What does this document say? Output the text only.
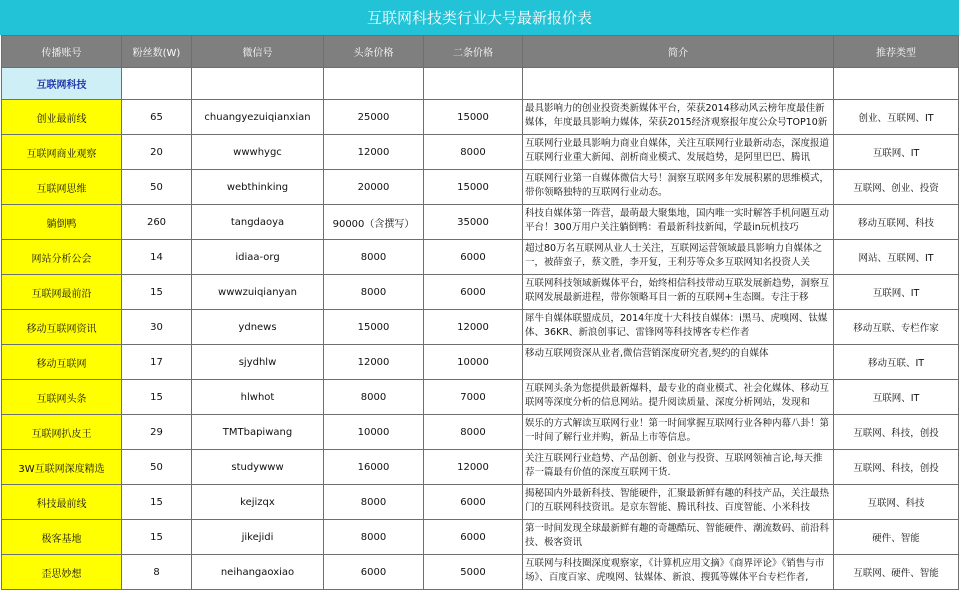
互联网科技类行业大号最新报价表
传播账号	粉丝数(W)	微信号	头条价格	二条价格	简介	推荐类型
互联网科技						
创业最前线	65	chuangyezuiqianxian	25000	15000	最具影响力的创业投资类新媒体平台，荣获2014移动风云榜年度最佳新媒体，年度最具影响力媒体，荣获2015经济观察报年度公众号TOP10新	创业、互联网、IT
互联网商业观察	20	wwwhygc	12000	8000	互联网行业最具影响力商业自媒体，关注互联网行业最新动态，深度报道互联网行业重大新闻、剖析商业模式、发展趋势，是阿里巴巴、腾讯	互联网、IT
互联网思维	50	webthinking	20000	15000	互联网行业第一自媒体微信大号！洞察互联网多年发展积累的思维模式，带你领略独特的互联网行业动态。	互联网、创业、投资
躺倒鸭	260	tangdaoya	90000（含撰写）	35000	科技自媒体第一阵营，最萌最大聚集地，国内唯一实时解答手机问题互动平台！300万用户关注躺倒鸭：看最新科技新闻，学最in玩机技巧	移动互联网、科技
网站分析公会	14	idiaa-org	8000	6000	超过80万名互联网从业人士关注，互联网运营领域最具影响力自媒体之一，被薛蛮子，蔡文胜，李开复，王利芬等众多互联网知名投资人关	网站、互联网、IT
互联网最前沿	15	wwwzuiqianyan	8000	6000	互联网科技领域新媒体平台，始终相信科技带动互联发展新趋势，洞察互联网发展最新进程，带你领略耳目一新的互联网+生态圈。专注于移	互联网、IT
移动互联网资讯	30	ydnews	15000	12000	犀牛自媒体联盟成员，2014年度十大科技自媒体：i黑马、虎嗅网、钛媒体、36KR、新浪创事记、雷锋网等科技博客专栏作者	移动互联、专栏作家
移动互联网	17	sjydhlw	12000	10000	移动互联网资深从业者,微信营销深度研究者,契约的自媒体	移动互联、IT
互联网头条	15	hlwhot	8000	7000	互联网头条为您提供最新爆料，最专业的商业模式、社会化媒体、移动互联网等深度分析的信息网站。提升阅读质量、深度分析网站，发现和	互联网、IT
互联网扒皮王	29	TMTbapiwang	10000	8000	娱乐的方式解读互联网行业！第一时间掌握互联网行业各种内幕八卦！第一时间了解行业并购，新品上市等信息。	互联网、科技，创投
3W互联网深度精选	50	studywww	16000	12000	关注互联网行业趋势、产品创新、创业与投资、互联网领袖言论,每天推荐一篇最有价值的深度互联网干货.	互联网、科技，创投
科技最前线	15	kejizqx	8000	6000	揭秘国内外最新科技、智能硬件，汇聚最新鲜有趣的科技产品，关注最热门的互联网科技资讯。是京东智能、腾讯科技、百度智能、小米科技	互联网、科技
极客基地	15	jikejidi	8000	6000	第一时间发现全球最新鲜有趣的奇趣酷玩、智能硬件、潮流数码、前沿科技、极客资讯	硬件、智能
歪思妙想	8	neihangaoxiao	6000	5000	互联网与科技圈深度观察家，《计算机应用文摘》《商界评论》《销售与市场》、百度百家、虎嗅网、钛媒体、新浪、搜狐等媒体平台专栏作者,	互联网、硬件、智能
